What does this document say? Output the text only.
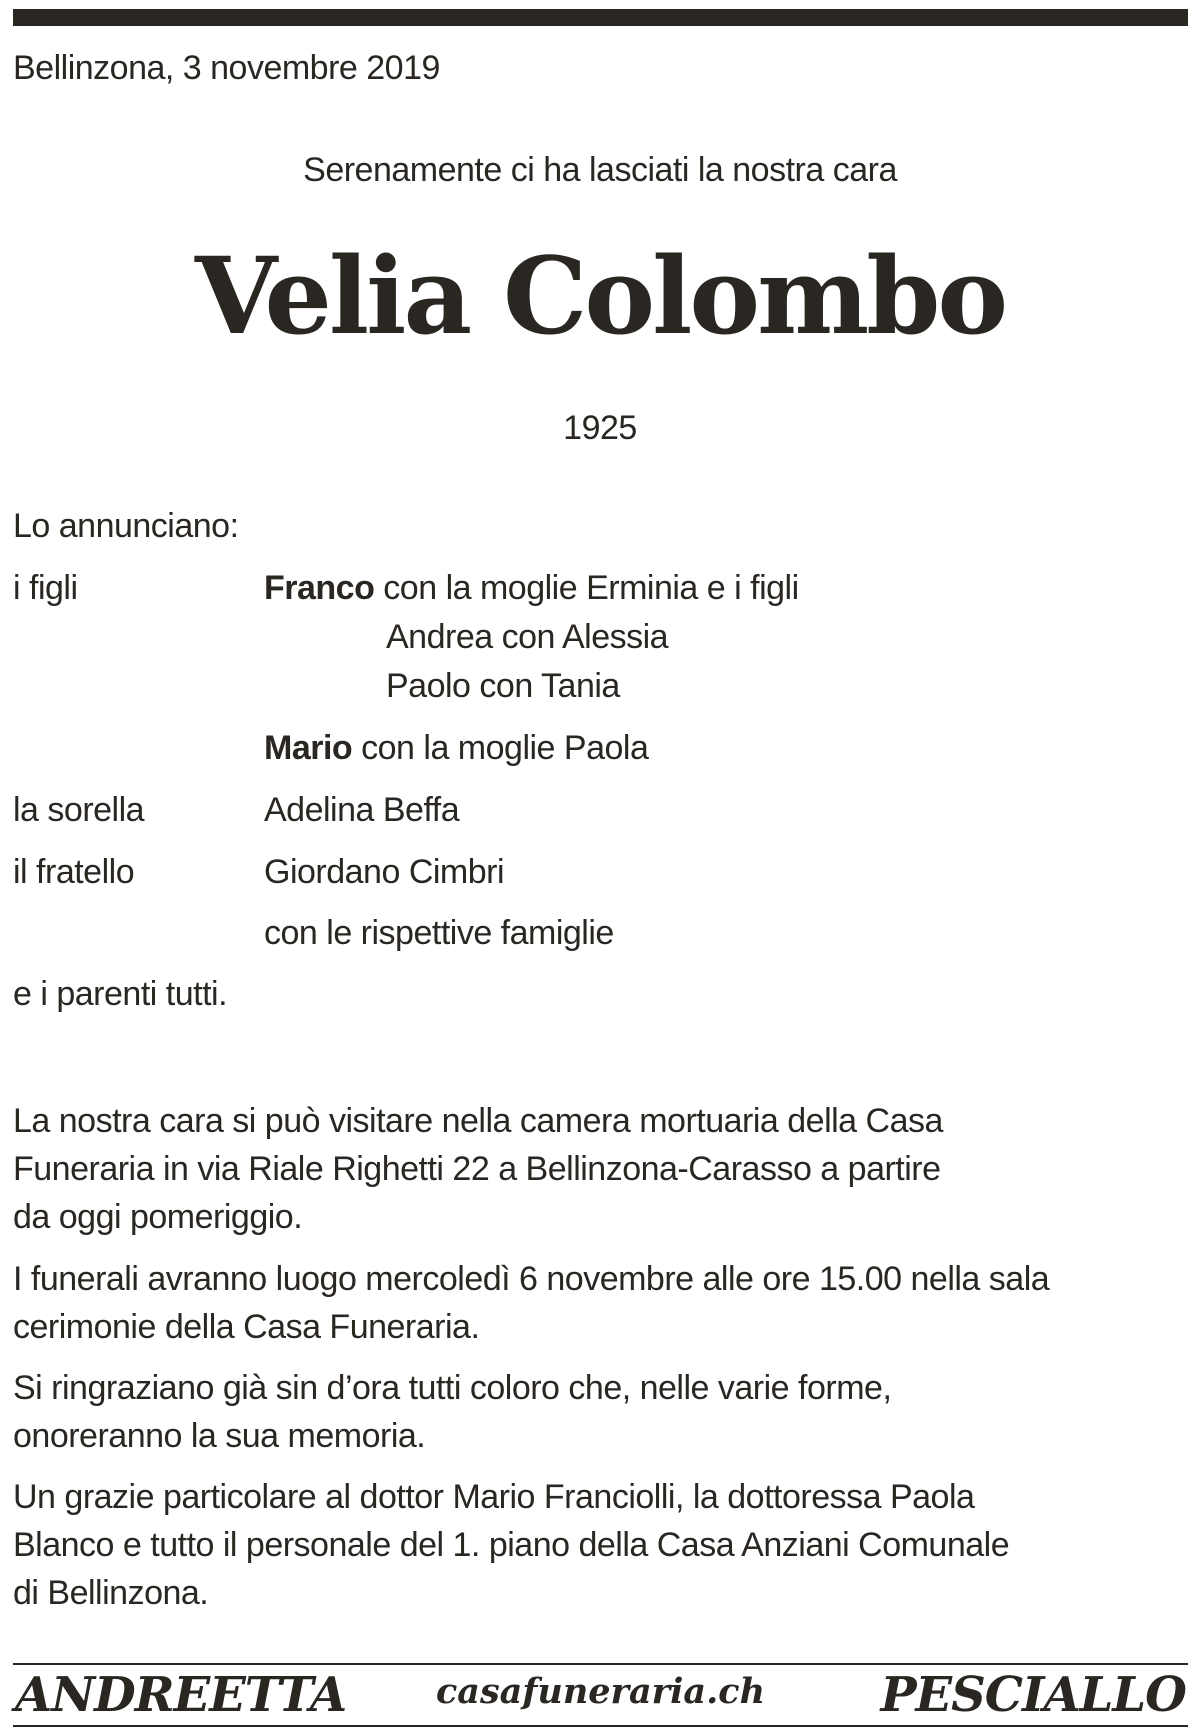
Bellinzona, 3 novembre 2019
Serenamente ci ha lasciati la nostra cara
Velia Colombo
1925
Lo annunciano:
i figli	Franco con la moglie Erminia e i figli
Andrea con Alessia
Paolo con Tania
Mario con la moglie Paola
la sorella	Adelina Beffa
il fratello	Giordano Cimbri
con le rispettive famiglie
e i parenti tutti.

La nostra cara si può visitare nella camera mortuaria della Casa
Funeraria in via Riale Righetti 22 a Bellinzona-Carasso a partire
da oggi pomeriggio.

I funerali avranno luogo mercoledì 6 novembre alle ore 15.00 nella sala
cerimonie della Casa Funeraria.

Si ringraziano già sin d’ora tutti coloro che, nelle varie forme,
onoreranno la sua memoria.

Un grazie particolare al dottor Mario Franciolli, la dottoressa Paola
Blanco e tutto il personale del 1. piano della Casa Anziani Comunale
di Bellinzona.

casafuneraria.ch
ANDREETTA	PESCIALLO
